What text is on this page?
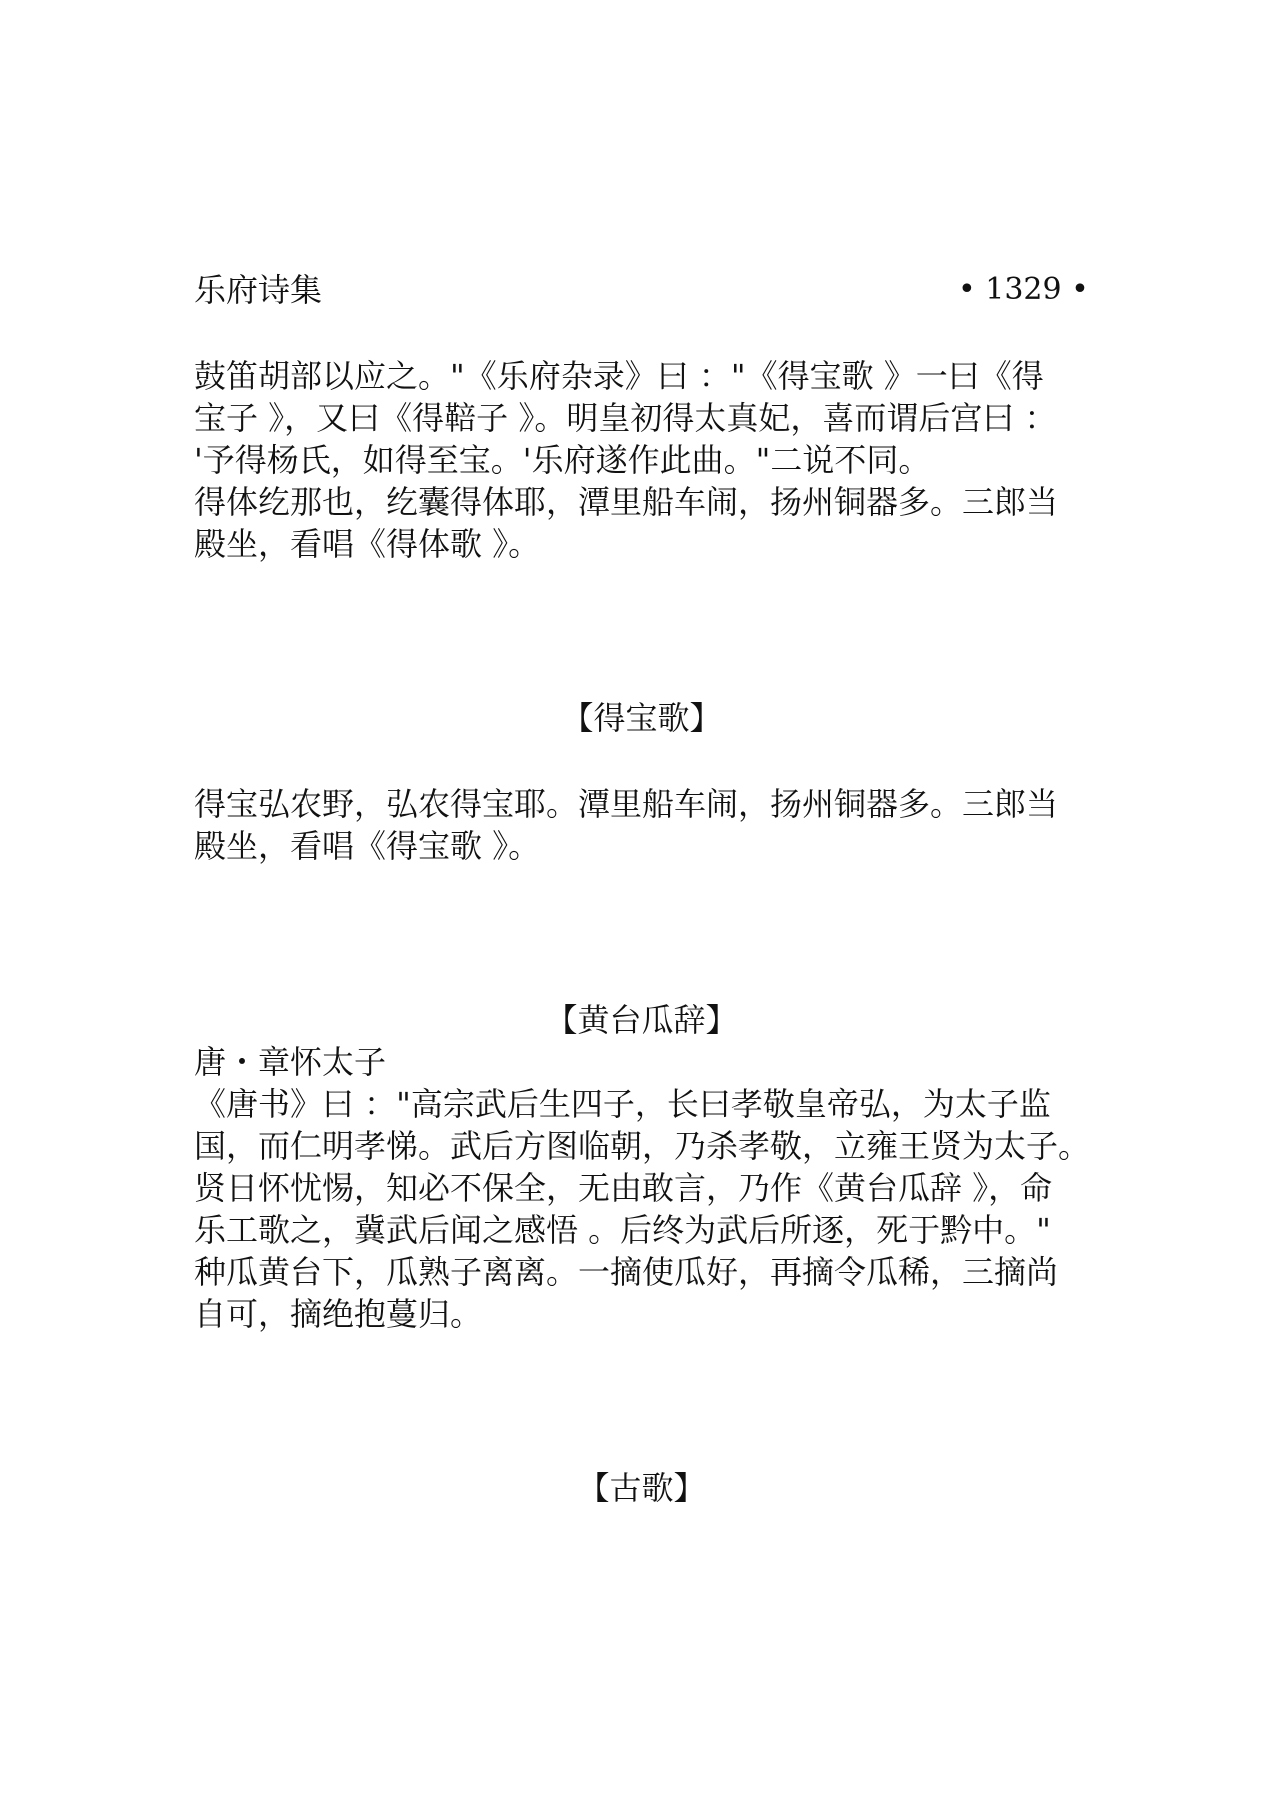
乐府诗集	• 1329 •
鼓笛胡部以应之。"《乐府杂录》曰 ："《得宝歌 》一曰《得
宝子 》，又曰《得鞛子 》。明皇初得太真妃，喜而谓后宫曰 ：
'予得杨氏，如得至宝。'乐府遂作此曲。"二说不同。
得体纥那也，纥囊得体耶，潭里船车闹，扬州铜器多。三郎当
殿坐，看唱《得体歌 》。
【得宝歌】
得宝弘农野，弘农得宝耶。潭里船车闹，扬州铜器多。三郎当
殿坐，看唱《得宝歌 》。
【黄台瓜辞】
唐・章怀太子
《唐书》曰 ："高宗武后生四子，长曰孝敬皇帝弘，为太子监
国，而仁明孝悌。武后方图临朝，乃杀孝敬，立雍王贤为太子。
贤日怀忧惕，知必不保全，无由敢言，乃作《黄台瓜辞 》，命
乐工歌之，冀武后闻之感悟 。后终为武后所逐，死于黔中。"
种瓜黄台下，瓜熟子离离。一摘使瓜好，再摘令瓜稀，三摘尚
自可，摘绝抱蔓归。
【古歌】
